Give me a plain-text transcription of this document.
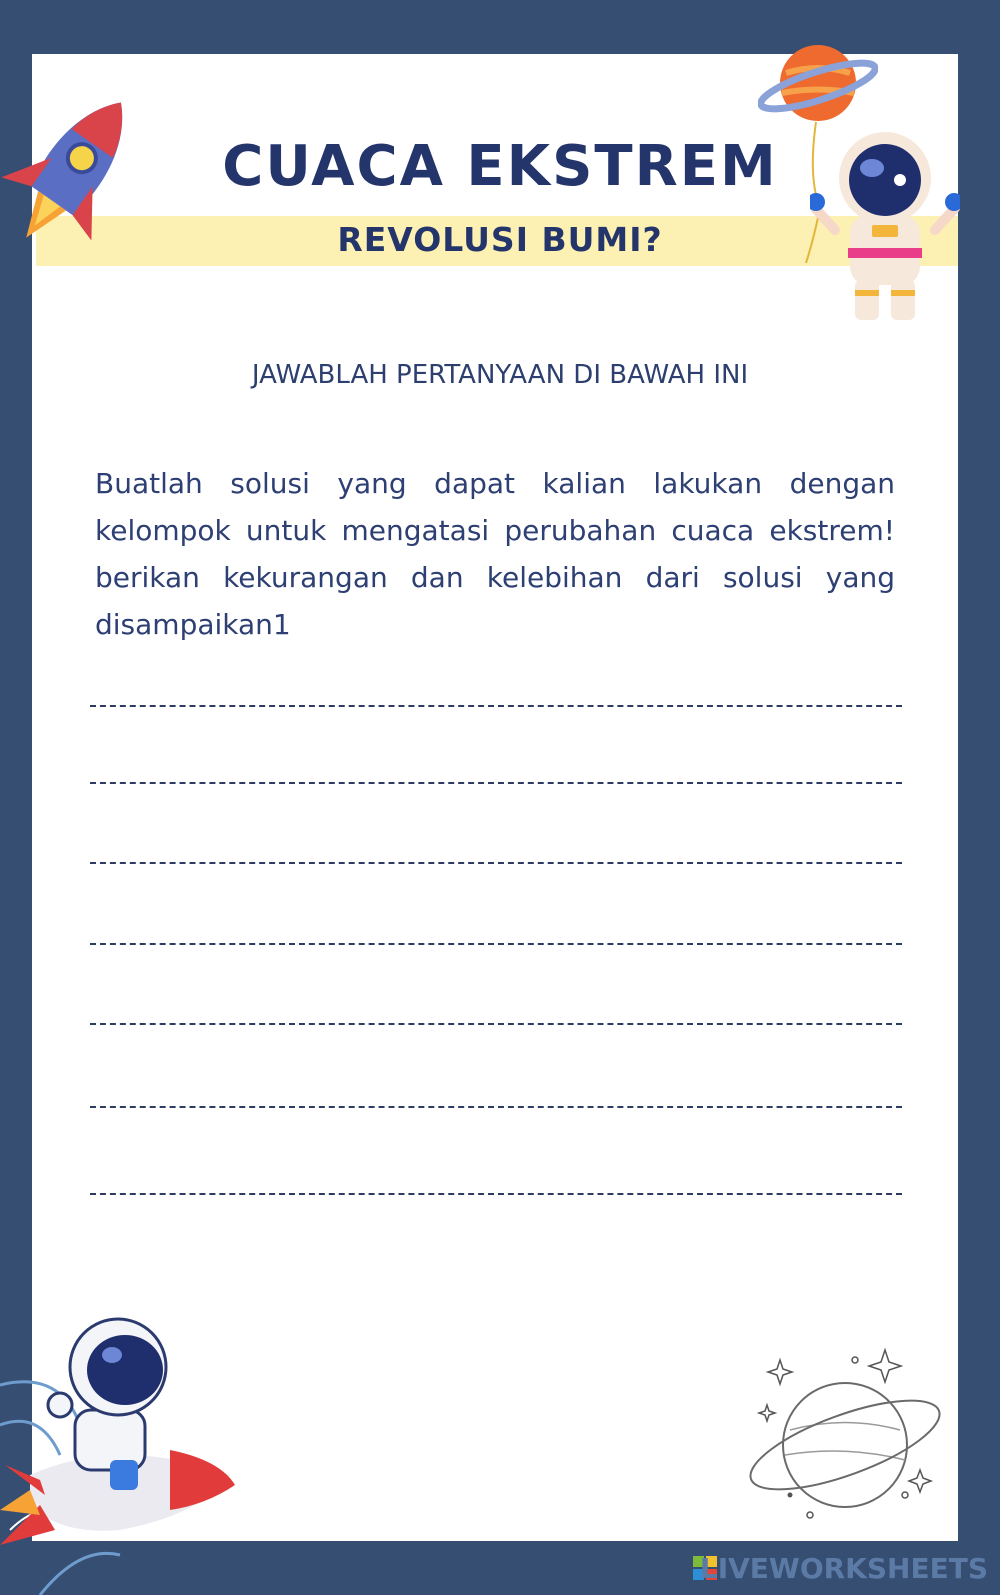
CUACA EKSTREM
REVOLUSI BUMI?
JAWABLAH PERTANYAAN DI BAWAH INI
Buatlah solusi yang dapat kalian lakukan dengan kelompok untuk mengatasi perubahan cuaca ekstrem! berikan kekurangan dan kelebihan dari solusi yang disampaikan1
LIVEWORKSHEETS
